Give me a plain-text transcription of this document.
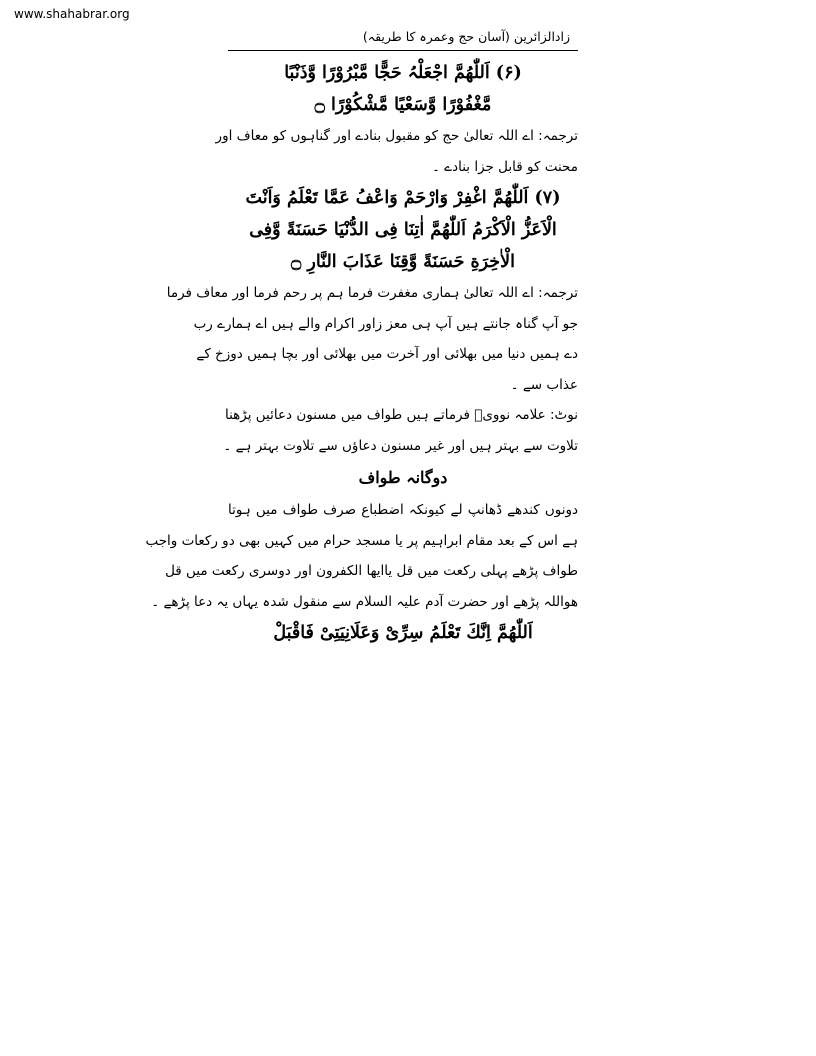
www.shahabrar.org
زادالزائرین (آسان حج وعمرہ کا طریقہ)
(۶) اَللّٰھُمَّ اجْعَلْہُ حَجًّا مَّبْرُوْرًا وَّذَنْبًا
مَّغْفُوْرًا وَّسَعْیًا مَّشْكُوْرًا ۝
ترجمہ: اے اللہ تعالیٰ حج کو مقبول بنادے اور گناہوں کو معاف اور
محنت کو قابل جزا بنادے ۔
(۷) اَللّٰھُمَّ اغْفِرْ وَارْحَمْ وَاعْفُ عَمَّا تَعْلَمُ وَاَنْتَ
الْاَعَزُّ الْاَكْرَمُ اَللّٰھُمَّ اٰتِنَا فِی الدُّنْیَا حَسَنَةً وَّفِی
الْاٰخِرَةِ حَسَنَةً وَّقِنَا عَذَابَ النَّارِ ۝
ترجمہ: اے اللہ تعالیٰ ہماری مغفرت فرما ہم پر رحم فرما اور معاف فرما
جو آپ گناہ جانتے ہیں آپ ہی معز زاور اکرام والے ہیں اے ہمارے رب
دے ہمیں دنیا میں بھلائی اور آخرت میں بھلائی اور بچا ہمیں دوزخ کے
عذاب سے ۔
نوٹ: علامہ نوویؒ فرماتے ہیں طواف میں مسنون دعائیں پڑھنا
تلاوت سے بہتر ہیں اور غیر مسنون دعاؤں سے تلاوت بہتر ہے ۔
دوگانہ طواف
دونوں کندھے ڈھانپ لے کیونکہ اضطباع صرف طواف میں ہوتا
ہے اس کے بعد مقام ابراہیم پر یا مسجد حرام میں کہیں بھی دو رکعات واجب
طواف پڑھے پہلی رکعت میں قل یاایھا الکفرون اور دوسری رکعت میں قل
ھواللہ پڑھے اور حضرت آدم علیہ السلام سے منقول شدہ یہاں یہ دعا پڑھے ۔
اَللّٰھُمَّ اِنَّكَ تَعْلَمُ سِرِّیْ وَعَلَانِيَتِیْ فَاقْبَلْ
